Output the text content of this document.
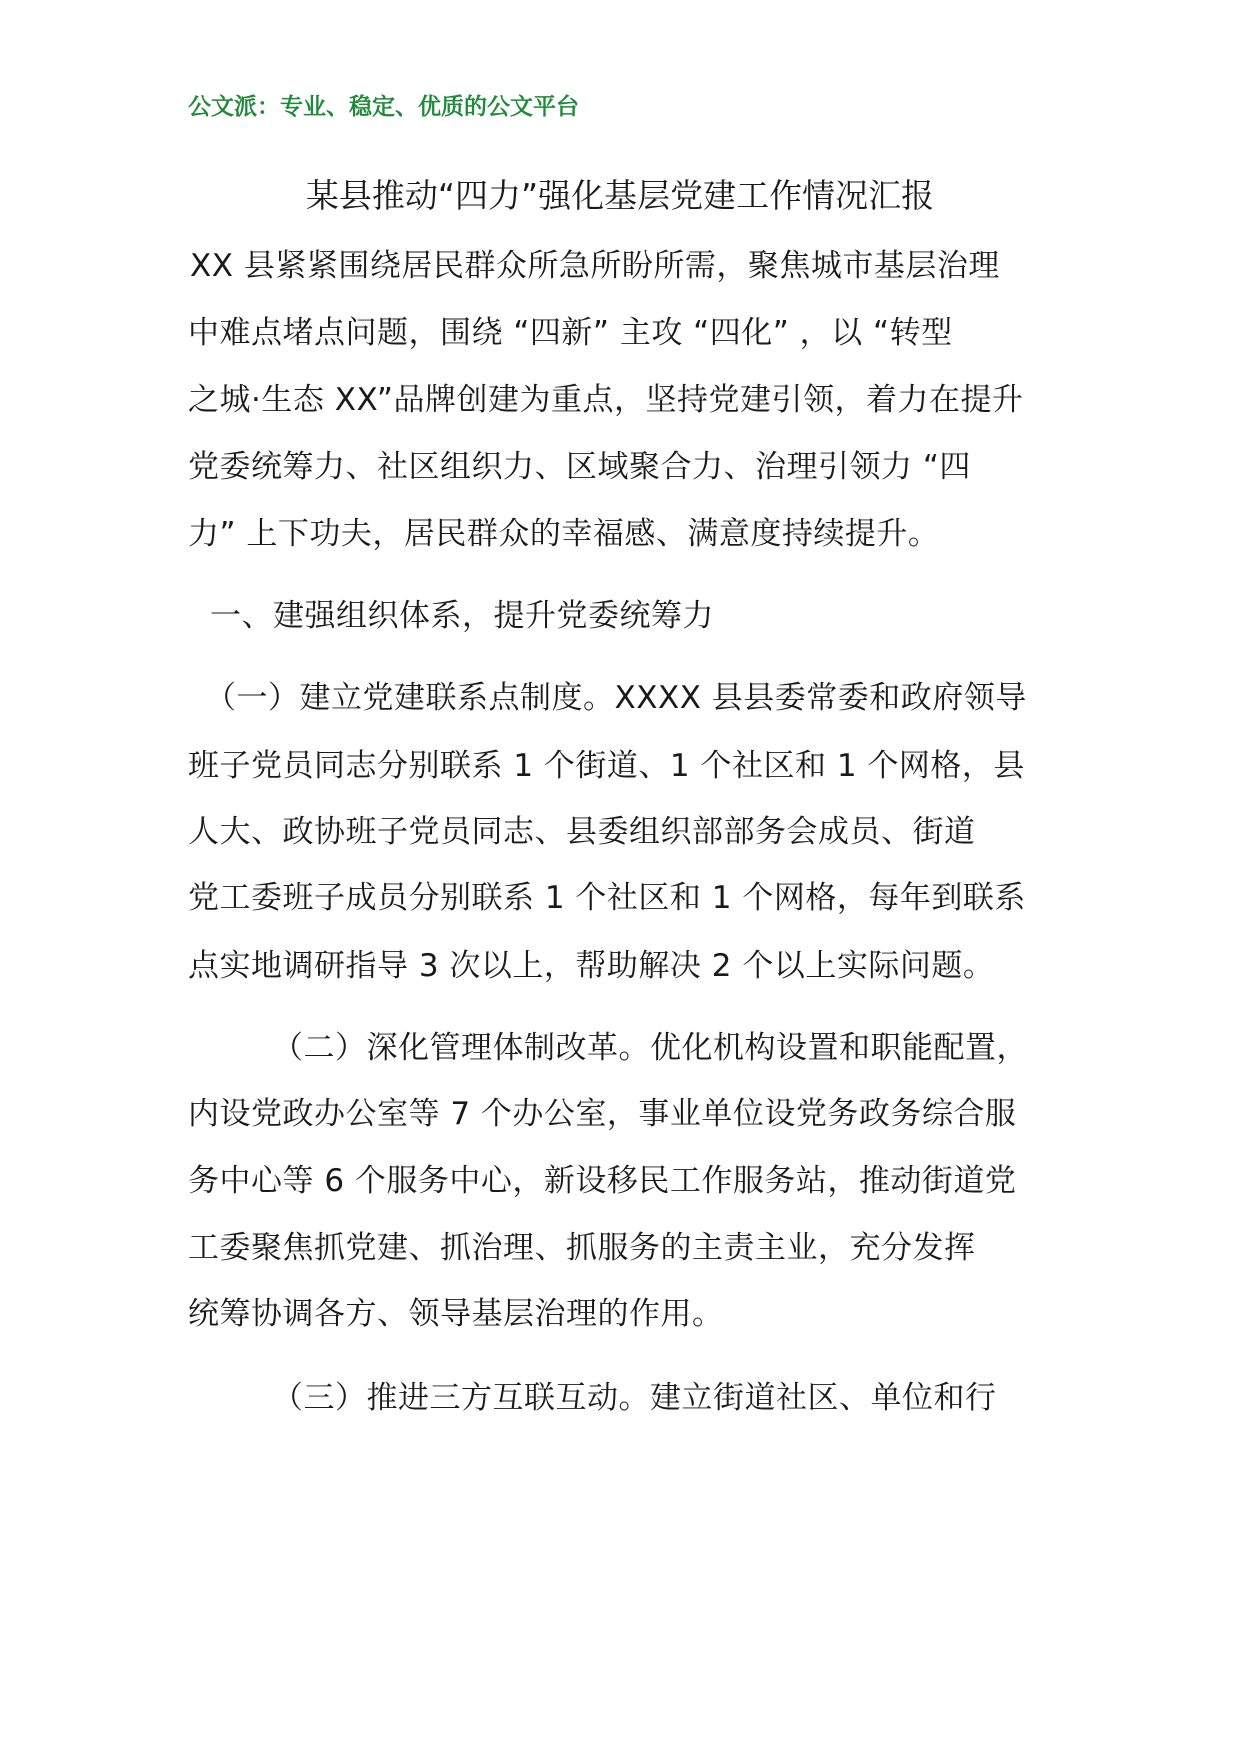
公文派：专业、稳定、优质的公文平台
某县推动“四力”强化基层党建工作情况汇报
XX 县紧紧围绕居民群众所急所盼所需，聚焦城市基层治理
中难点堵点问题，围绕 “四新” 主攻 “四化” ，以 “转型
之城·生态 XX”品牌创建为重点，坚持党建引领，着力在提升
党委统筹力、社区组织力、区域聚合力、治理引领力 “四
力” 上下功夫，居民群众的幸福感、满意度持续提升。
一、建强组织体系，提升党委统筹力
（一）建立党建联系点制度。XXXX 县县委常委和政府领导
班子党员同志分别联系 1 个街道、1 个社区和 1 个网格，县
人大、政协班子党员同志、县委组织部部务会成员、街道
党工委班子成员分别联系 1 个社区和 1 个网格，每年到联系
点实地调研指导 3 次以上，帮助解决 2 个以上实际问题。
（二）深化管理体制改革。优化机构设置和职能配置，
内设党政办公室等 7 个办公室，事业单位设党务政务综合服
务中心等 6 个服务中心，新设移民工作服务站，推动街道党
工委聚焦抓党建、抓治理、抓服务的主责主业，充分发挥
统筹协调各方、领导基层治理的作用。
（三）推进三方互联互动。建立街道社区、单位和行
